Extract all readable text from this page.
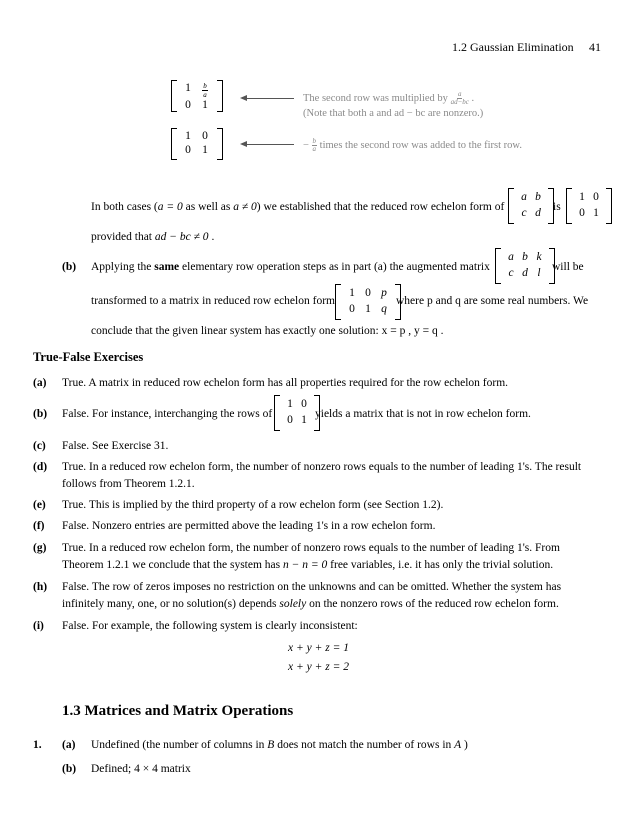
1.2 Gaussian Elimination 41
$1 \frac{b}{a}$
0 1
The second row was multiplied by $\frac{a}{ad-bc}$ .
(Note that both a and ad − bc are nonzero.)
1 0
0 1	− $\frac{b}{a}$ times the second row was added to the first row.
In both cases (a = 0 as well as a ≠ 0) we established that the reduced row echelon form of
a b
c d
is
1 0
0 1
provided that ad − bc ≠ 0 .
(b) Applying the same elementary row operation steps as in part (a) the augmented matrix
a b k
c d l
will be
transformed to a matrix in reduced row echelon form
1 0 p
0 1 q
where p and q are some real numbers. We
conclude that the given linear system has exactly one solution: x = p , y = q .
True-False Exercises
(a) True. A matrix in reduced row echelon form has all properties required for the row echelon form.
(b) False. For instance, interchanging the rows of
1 0
0 1
yields a matrix that is not in row echelon form.
(c) False. See Exercise 31.
(d) True. In a reduced row echelon form, the number of nonzero rows equals to the number of leading 1's. The result
follows from Theorem 1.2.1.
(e) True. This is implied by the third property of a row echelon form (see Section 1.2).
(f) False. Nonzero entries are permitted above the leading 1's in a row echelon form.
(g) True. In a reduced row echelon form, the number of nonzero rows equals to the number of leading 1's. From
Theorem 1.2.1 we conclude that the system has n − n = 0 free variables, i.e. it has only the trivial solution.
(h) False. The row of zeros imposes no restriction on the unknowns and can be omitted. Whether the system has
infinitely many, one, or no solution(s) depends solely on the nonzero rows of the reduced row echelon form.
(i) False. For example, the following system is clearly inconsistent:
x + y + z = 1
x + y + z = 2
1.3 Matrices and Matrix Operations
1. (a) Undefined (the number of columns in B does not match the number of rows in A )
(b) Defined; 4 × 4 matrix
